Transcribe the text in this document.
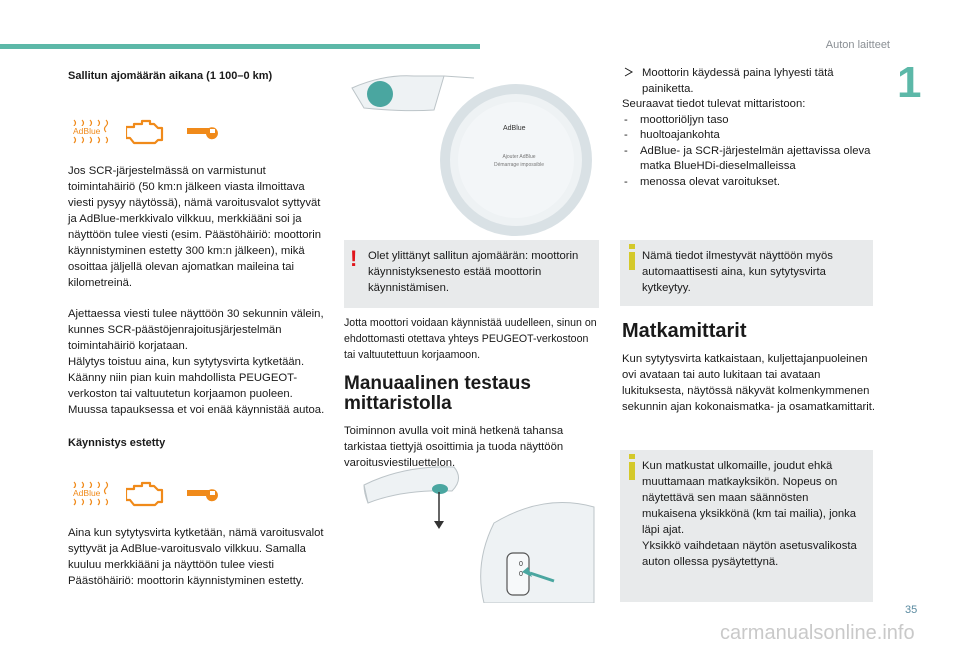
Auton laitteet
1

Sallitun ajomäärän aikana (1 100–0 km)

AdBlue

Jos SCR-järjestelmässä on varmistunut toimintahäiriö (50 km:n jälkeen viasta ilmoittava viesti pysyy näytössä), nämä varoitusvalot syttyvät ja AdBlue-merkkivalo vilkkuu, merkkiääni soi ja näyttöön tulee viesti (esim. Päästöhäiriö: moottorin käynnistyminen estetty 300 km:n jälkeen), mikä osoittaa jäljellä olevan ajomatkan maileina tai kilometreinä.

Ajettaessa viesti tulee näyttöön 30 sekunnin välein, kunnes SCR-päästöjenrajoitusjärjestelmän toimintahäiriö korjataan.

Hälytys toistuu aina, kun sytytysvirta kytketään. Käänny niin pian kuin mahdollista PEUGEOT-verkoston tai valtuutetun korjaamon puoleen. Muussa tapauksessa et voi enää käynnistää autoa.

Käynnistys estetty

AdBlue

Aina kun sytytysvirta kytketään, nämä varoitusvalot syttyvät ja AdBlue-varoitusvalo vilkkuu. Samalla kuuluu merkkiääni ja näyttöön tulee viesti Päästöhäiriö: moottorin käynnistyminen estetty.

AdBlue
Ajouter AdBlue
Démarrage impossible
! Olet ylittänyt sallitun ajomäärän: moottorin käynnistyksenesto estää moottorin käynnistämisen.

Jotta moottori voidaan käynnistää uudelleen, sinun on ehdottomasti otettava yhteys PEUGEOT-verkostoon tai valtuutettuun korjaamoon.

Manuaalinen testaus mittaristolla

Toiminnon avulla voit minä hetkenä tahansa tarkistaa tiettyjä osoittimia ja tuoda näyttöön varoitusviestiluettelon.

0
0

Moottorin käydessä paina lyhyesti tätä painiketta.

Seuraavat tiedot tulevat mittaristoon:

- moottoriöljyn taso
- huoltoajankohta
- AdBlue- ja SCR-järjestelmän ajettavissa oleva matka BlueHDi-dieselmalleissa
- menossa olevat varoitukset.
Nämä tiedot ilmestyvät näyttöön myös automaattisesti aina, kun sytytysvirta kytkeytyy.

Matkamittarit

Kun sytytysvirta katkaistaan, kuljettajanpuoleinen ovi avataan tai auto lukitaan tai avataan lukituksesta, näytössä näkyvät kolmenkymmenen sekunnin ajan kokonaismatka- ja osamatkamittarit.

Kun matkustat ulkomaille, joudut ehkä muuttamaan matkayksikön. Nopeus on näytettävä sen maan säännösten mukaisena yksikkönä (km tai mailia), jonka läpi ajat.
Yksikkö vaihdetaan näytön asetusvalikosta auton ollessa pysäytettynä.
35
carmanualsonline.info
